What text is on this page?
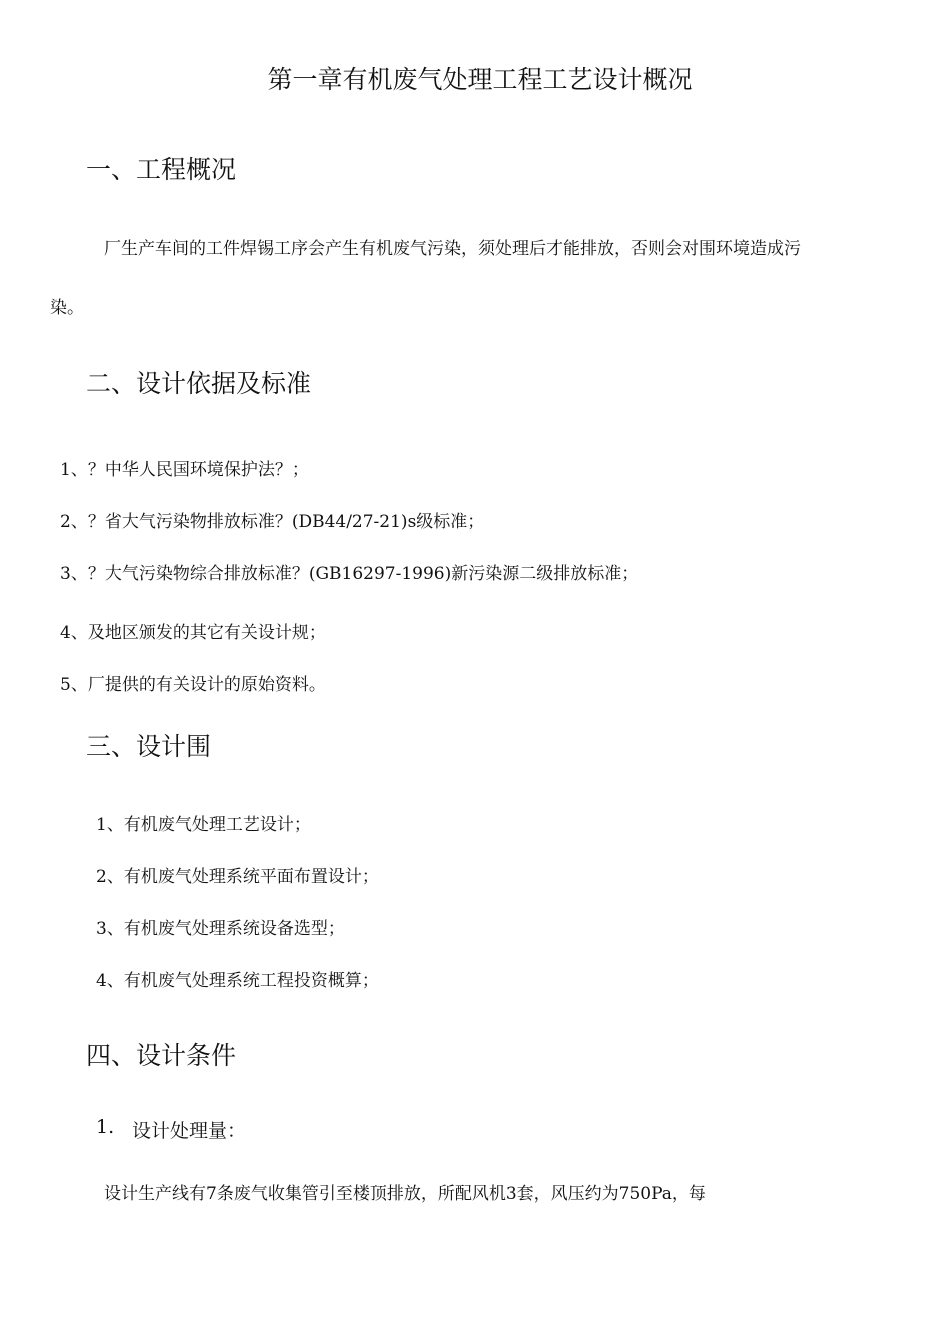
第一章有机废气处理工程工艺设计概况
一、工程概况
厂生产车间的工件焊锡工序会产生有机废气污染，须处理后才能排放，否则会对围环境造成污
染。
二、设计依据及标准
1、？中华人民国环境保护法？；
2、？省大气污染物排放标准？(DB44/27-21)s级标准；
3、？大气污染物综合排放标准？(GB16297-1996)新污染源二级排放标准；
4、及地区颁发的其它有关设计规；
5、厂提供的有关设计的原始资料。
三、设计围
1、有机废气处理工艺设计；
2、有机废气处理系统平面布置设计；
3、有机废气处理系统设备选型；
4、有机废气处理系统工程投资概算；
四、设计条件
1. 设计处理量：
设计生产线有7条废气收集管引至楼顶排放，所配风机3套，风压约为750Pa，每
